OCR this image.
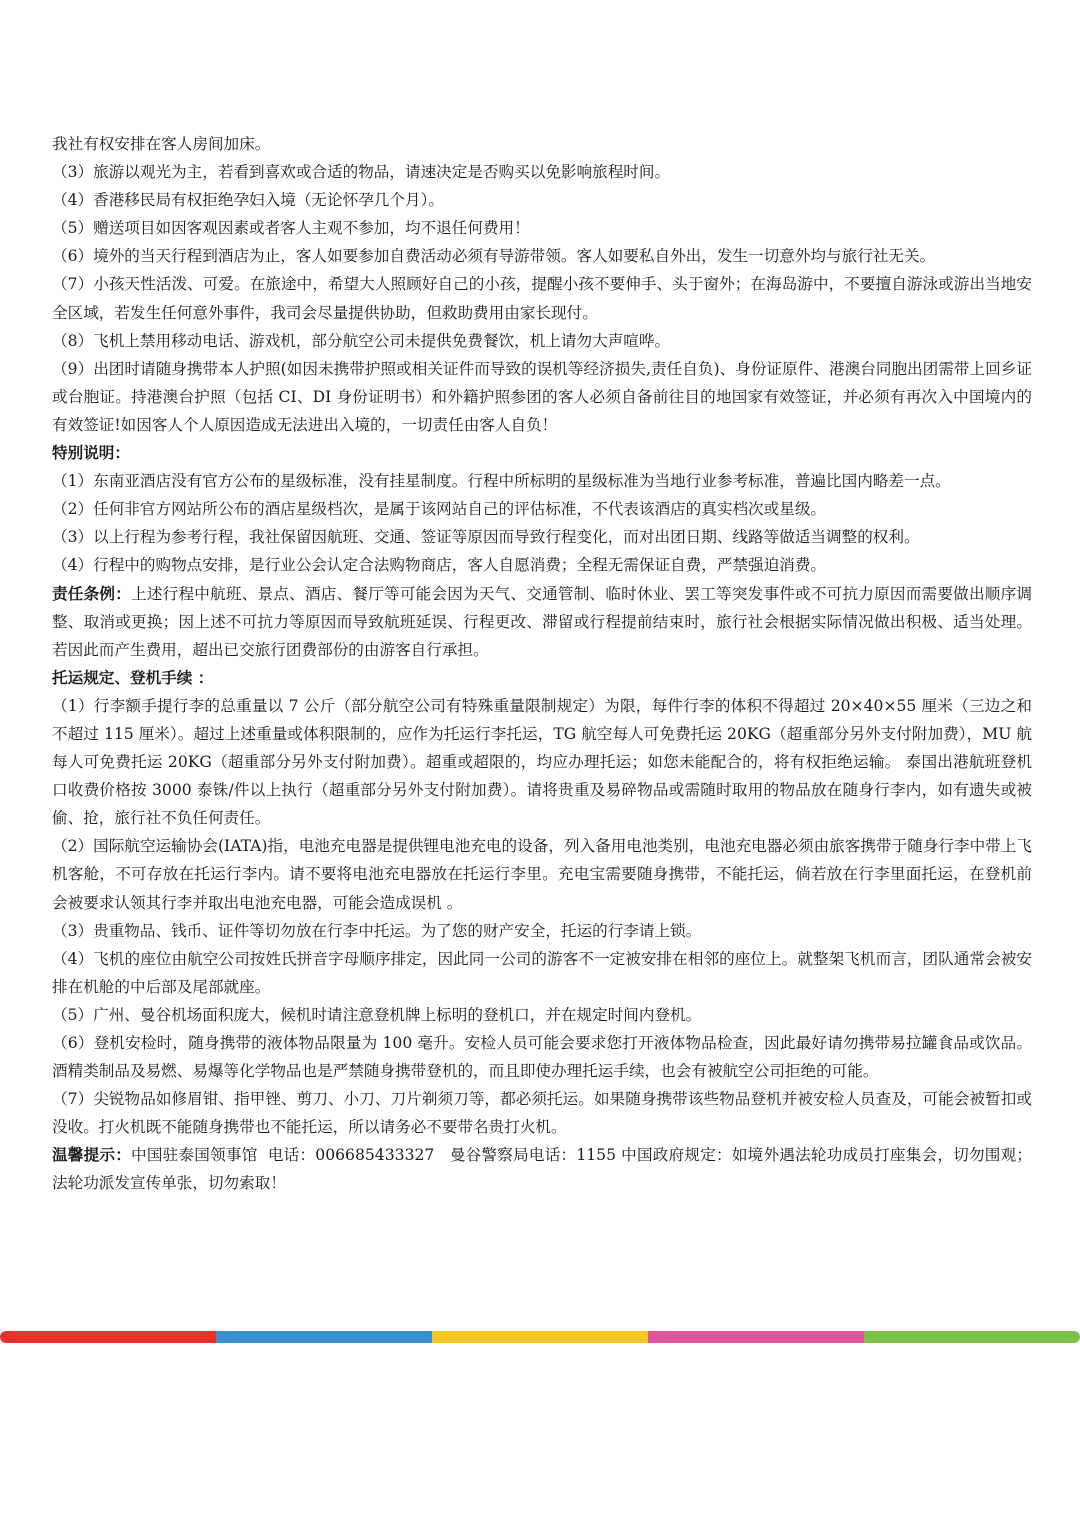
我社有权安排在客人房间加床。

（3）旅游以观光为主，若看到喜欢或合适的物品，请速决定是否购买以免影响旅程时间。

（4）香港移民局有权拒绝孕妇入境（无论怀孕几个月）。

（5）赠送项目如因客观因素或者客人主观不参加，均不退任何费用！

（6）境外的当天行程到酒店为止，客人如要参加自费活动必须有导游带领。客人如要私自外出，发生一切意外均与旅行社无关。

（7）小孩天性活泼、可爱。在旅途中，希望大人照顾好自己的小孩，提醒小孩不要伸手、头于窗外；在海岛游中，不要擅自游泳或游出当地安全区域，若发生任何意外事件，我司会尽量提供协助，但救助费用由家长现付。

（8）飞机上禁用移动电话、游戏机，部分航空公司未提供免费餐饮，机上请勿大声喧哗。

（9）出团时请随身携带本人护照(如因未携带护照或相关证件而导致的误机等经济损失,责任自负)、身份证原件、港澳台同胞出团需带上回乡证或台胞证。持港澳台护照（包括 CI、DI 身份证明书）和外籍护照参团的客人必须自备前往目的地国家有效签证，并必须有再次入中国境内的有效签证!如因客人个人原因造成无法进出入境的，一切责任由客人自负！

特别说明：

（1）东南亚酒店没有官方公布的星级标准，没有挂星制度。行程中所标明的星级标准为当地行业参考标准，普遍比国内略差一点。

（2）任何非官方网站所公布的酒店星级档次，是属于该网站自己的评估标准，不代表该酒店的真实档次或星级。

（3）以上行程为参考行程，我社保留因航班、交通、签证等原因而导致行程变化，而对出团日期、线路等做适当调整的权利。

（4）行程中的购物点安排，是行业公会认定合法购物商店，客人自愿消费；全程无需保证自费，严禁强迫消费。

责任条例：上述行程中航班、景点、酒店、餐厅等可能会因为天气、交通管制、临时休业、罢工等突发事件或不可抗力原因而需要做出顺序调整、取消或更换；因上述不可抗力等原因而导致航班延误、行程更改、滞留或行程提前结束时，旅行社会根据实际情况做出积极、适当处理。若因此而产生费用，超出已交旅行团费部份的由游客自行承担。

托运规定、登机手续 ：

（1）行李额手提行李的总重量以 7 公斤（部分航空公司有特殊重量限制规定）为限，每件行李的体积不得超过 20×40×55 厘米（三边之和不超过 115 厘米）。超过上述重量或体积限制的，应作为托运行李托运，TG 航空每人可免费托运 20KG（超重部分另外支付附加费），MU 航每人可免费托运 20KG（超重部分另外支付附加费）。超重或超限的，均应办理托运；如您未能配合的，将有权拒绝运输。 泰国出港航班登机口收费价格按 3000 泰铢/件以上执行（超重部分另外支付附加费）。请将贵重及易碎物品或需随时取用的物品放在随身行李内，如有遗失或被偷、抢，旅行社不负任何责任。

（2）国际航空运输协会(IATA)指，电池充电器是提供锂电池充电的设备，列入备用电池类别，电池充电器必须由旅客携带于随身行李中带上飞机客舱，不可存放在托运行李内。请不要将电池充电器放在托运行李里。充电宝需要随身携带，不能托运，倘若放在行李里面托运，在登机前会被要求认领其行李并取出电池充电器，可能会造成误机 。

（3）贵重物品、钱币、证件等切勿放在行李中托运。为了您的财产安全，托运的行李请上锁。

（4）飞机的座位由航空公司按姓氏拼音字母顺序排定，因此同一公司的游客不一定被安排在相邻的座位上。就整架飞机而言，团队通常会被安排在机舱的中后部及尾部就座。

（5）广州、曼谷机场面积庞大，候机时请注意登机牌上标明的登机口，并在规定时间内登机。

（6）登机安检时，随身携带的液体物品限量为 100 毫升。安检人员可能会要求您打开液体物品检查，因此最好请勿携带易拉罐食品或饮品。酒精类制品及易燃、易爆等化学物品也是严禁随身携带登机的，而且即使办理托运手续，也会有被航空公司拒绝的可能。

（7）尖锐物品如修眉钳、指甲锉、剪刀、小刀、刀片剃须刀等，都必须托运。如果随身携带该些物品登机并被安检人员查及，可能会被暂扣或没收。打火机既不能随身携带也不能托运，所以请务必不要带名贵打火机。

温馨提示：中国驻泰国领事馆  电话：006685433327   曼谷警察局电话：1155 中国政府规定：如境外遇法轮功成员打座集会，切勿围观；法轮功派发宣传单张，切勿索取！
